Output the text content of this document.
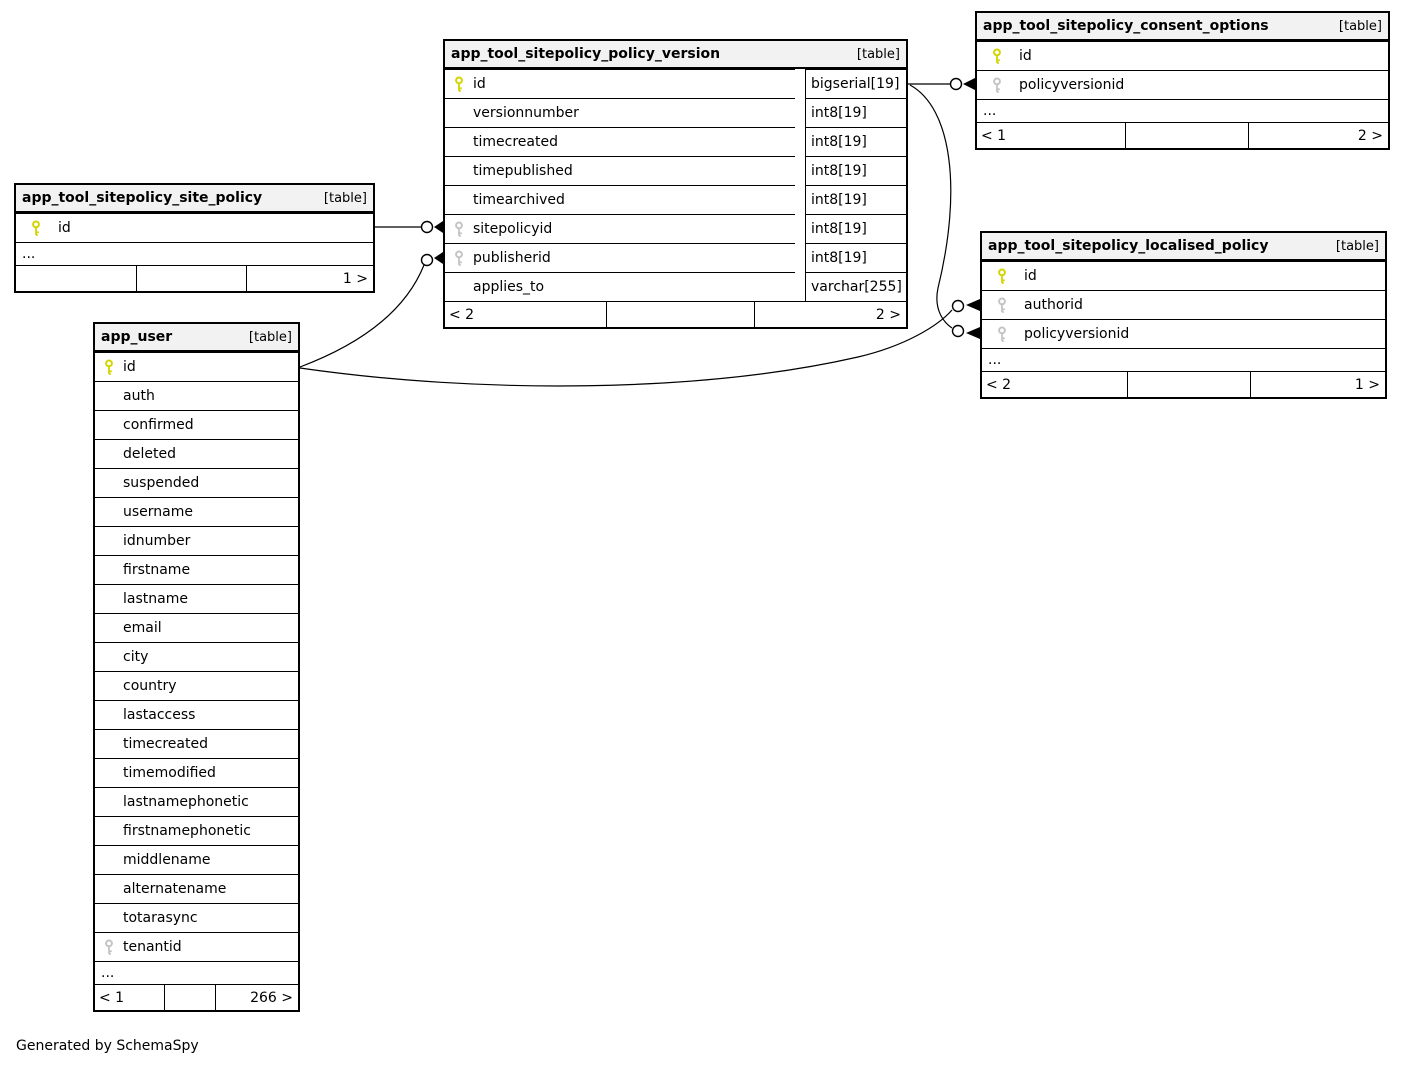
app_tool_sitepolicy_policy_version	[table]
id	bigserial[19]
versionnumber	int8[19]
timecreated	int8[19]
timepublished	int8[19]
timearchived	int8[19]
sitepolicyid	int8[19]
publisherid	int8[19]
applies_to	varchar[255]
< 2	2 >
app_tool_sitepolicy_consent_options	[table]
id
policyversionid
...
< 1	2 >
app_tool_sitepolicy_site_policy	[table]
id
...
1 >
app_tool_sitepolicy_localised_policy	[table]
id
authorid
policyversionid
...
< 2	1 >
app_user	[table]
id
auth
confirmed
deleted
suspended
username
idnumber
firstname
lastname
email
city
country
lastaccess
timecreated
timemodified
lastnamephonetic
firstnamephonetic
middlename
alternatename
totarasync
tenantid
...
< 1	266 >
Generated by SchemaSpy
